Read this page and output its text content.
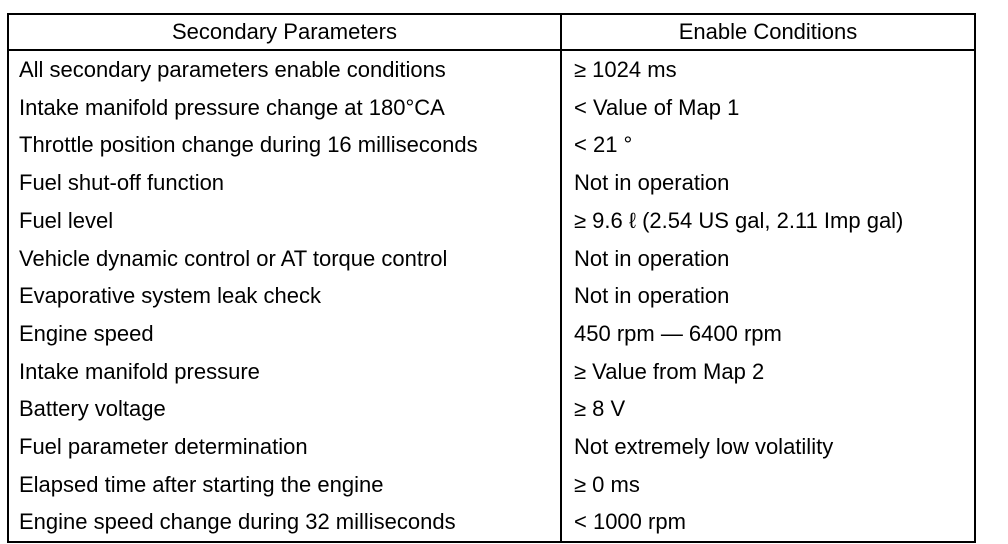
Secondary Parameters	Enable Conditions
All secondary parameters enable conditions	≥ 1024 ms
Intake manifold pressure change at 180°CA	< Value of Map 1
Throttle position change during 16 milliseconds	< 21 °
Fuel shut-off function	Not in operation
Fuel level	≥ 9.6 ℓ (2.54 US gal, 2.11 Imp gal)
Vehicle dynamic control or AT torque control	Not in operation
Evaporative system leak check	Not in operation
Engine speed	450 rpm — 6400 rpm
Intake manifold pressure	≥ Value from Map 2
Battery voltage	≥ 8 V
Fuel parameter determination	Not extremely low volatility
Elapsed time after starting the engine	≥ 0 ms
Engine speed change during 32 milliseconds	< 1000 rpm
